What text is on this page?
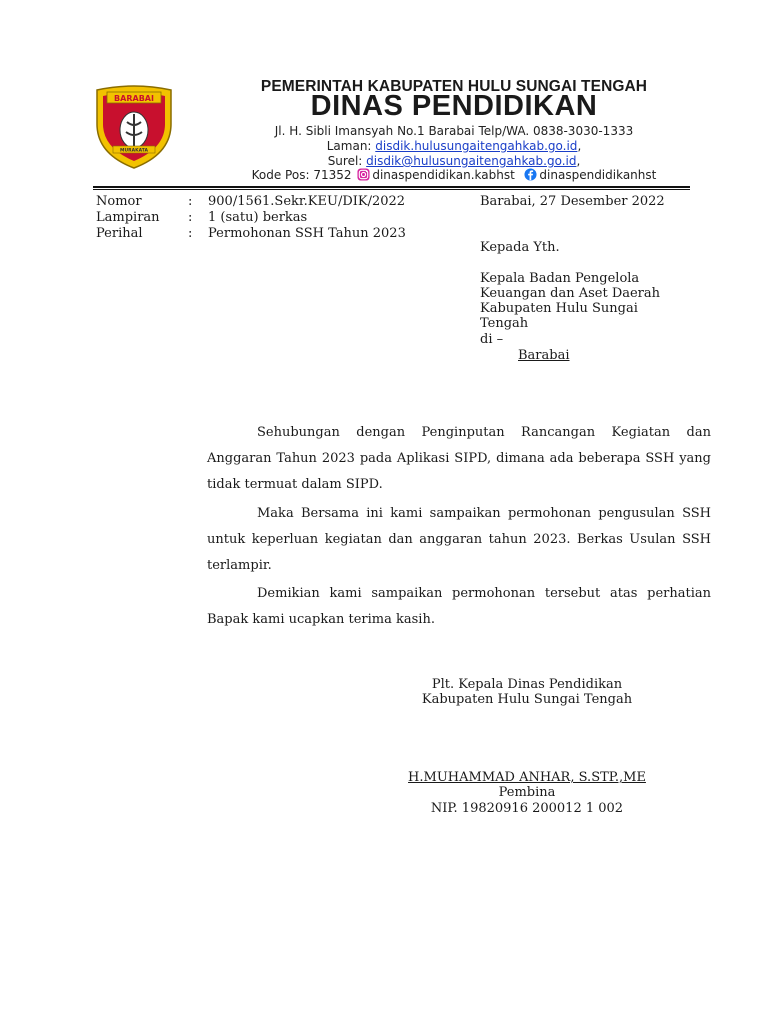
BARABAI
MURAKATA
PEMERINTAH KABUPATEN HULU SUNGAI TENGAH
DINAS PENDIDIKAN
Jl. H. Sibli Imansyah No.1 Barabai Telp/WA. 0838-3030-1333
Laman: disdik.hulusungaitengahkab.go.id,
Surel: disdik@hulusungaitengahkab.go.id,
Kode Pos: 71352 dinaspendidikan.kabhst dinaspendidikanhst
Nomor	: 900/1561.Sekr.KEU/DIK/2022
Lampiran	: 1 (satu) berkas
Perihal	: Permohonan SSH Tahun 2023
Barabai, 27 Desember 2022
Kepada Yth.
Kepala Badan Pengelola
Keuangan dan Aset Daerah
Kabupaten Hulu Sungai
Tengah
di –
Barabai
Sehubungan dengan Penginputan Rancangan Kegiatan dan Anggaran Tahun 2023 pada Aplikasi SIPD, dimana ada beberapa SSH yang tidak termuat dalam SIPD.
Maka Bersama ini kami sampaikan permohonan pengusulan SSH untuk keperluan kegiatan dan anggaran tahun 2023. Berkas Usulan SSH terlampir.
Demikian kami sampaikan permohonan tersebut atas perhatian Bapak kami ucapkan terima kasih.
Plt. Kepala Dinas Pendidikan
Kabupaten Hulu Sungai Tengah
H.MUHAMMAD ANHAR, S.STP.,ME
Pembina
NIP. 19820916 200012 1 002
